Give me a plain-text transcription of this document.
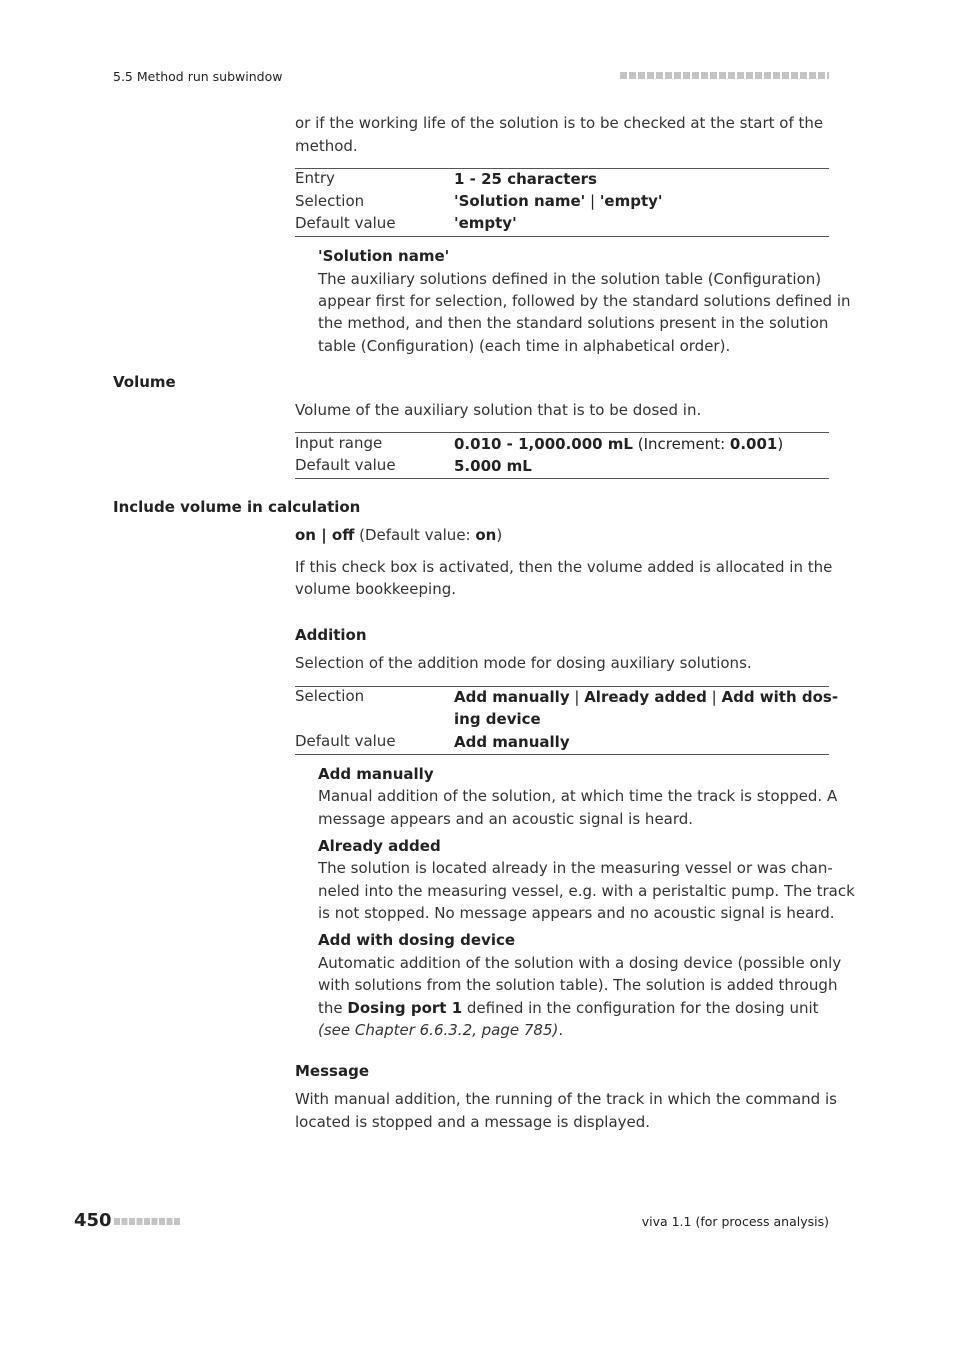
5.5 Method run subwindow
or if the working life of the solution is to be checked at the start of the
method.
Entry	1 - 25 characters
Selection	'Solution name' | 'empty'
Default value	'empty'
'Solution name'
The auxiliary solutions defined in the solution table (Configuration)
appear first for selection, followed by the standard solutions defined in
the method, and then the standard solutions present in the solution
table (Configuration) (each time in alphabetical order).
Volume
Volume of the auxiliary solution that is to be dosed in.
Input range	0.010 - 1,000.000 mL (Increment: 0.001)
Default value	5.000 mL
Include volume in calculation
on | off (Default value: on)
If this check box is activated, then the volume added is allocated in the
volume bookkeeping.
Addition
Selection of the addition mode for dosing auxiliary solutions.
Selection	Add manually | Already added | Add with dos-
ing device
Default value	Add manually
Add manually
Manual addition of the solution, at which time the track is stopped. A
message appears and an acoustic signal is heard.
Already added
The solution is located already in the measuring vessel or was chan-
neled into the measuring vessel, e.g. with a peristaltic pump. The track
is not stopped. No message appears and no acoustic signal is heard.
Add with dosing device
Automatic addition of the solution with a dosing device (possible only
with solutions from the solution table). The solution is added through
the Dosing port 1 defined in the configuration for the dosing unit
(see Chapter 6.6.3.2, page 785).
Message
With manual addition, the running of the track in which the command is
located is stopped and a message is displayed.
450	viva 1.1 (for process analysis)
